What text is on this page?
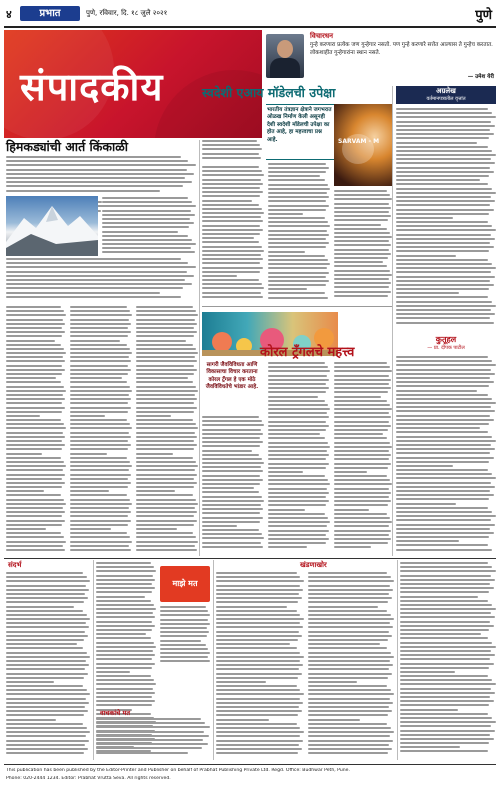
४	प्रभात	पुणे, रविवार, दि. १८ जुलै २०२१	पुणे
संपादकीय
विचारधन
गुन्हे करणारा प्रत्येक जण गुन्हेगार नसतो. पण गुन्हे करणारे सत्तेत आल्यास ते गुन्हेच करतात. लोकशाहीत गुन्हेगारांना स्थान नसते.
— उमेश येरी
अग्रलेख
वर्तमानपत्रातील वृत्तांत
कुतूहल
— प्रा. दीपक पाटील
हिमकड्यांची आर्त किंकाळी
स्वदेशी एआय मॉडेलची उपेक्षा
भारतीय तंत्रज्ञान क्षेत्राने जगभरात ओळख निर्माण केली असूनही देशी स्वदेशी मॉडेलची उपेक्षा का होत आहे, हा महत्त्वाचा प्रश्न आहे.	SARVAM - M
कोरल ट्रॅंगलचे महत्त्व
सागरी जैवविविधता आणि विकासाचा विचार करताना कोरल ट्रॅंगल हे एक मोठे जैवविविधतेचे भांडार आहे.
संदर्भ
माझे मत
वाचकांचे मत
खंडणाखोर
This publication has been published by the Editor-Printer and Publisher on behalf of Prabhat Publishing Private Ltd. Regd. Office: Budhwar Peth, Pune.
Phone: 020-2444 1234. Editor: Prabhat Vrutta Seva. All rights reserved.
